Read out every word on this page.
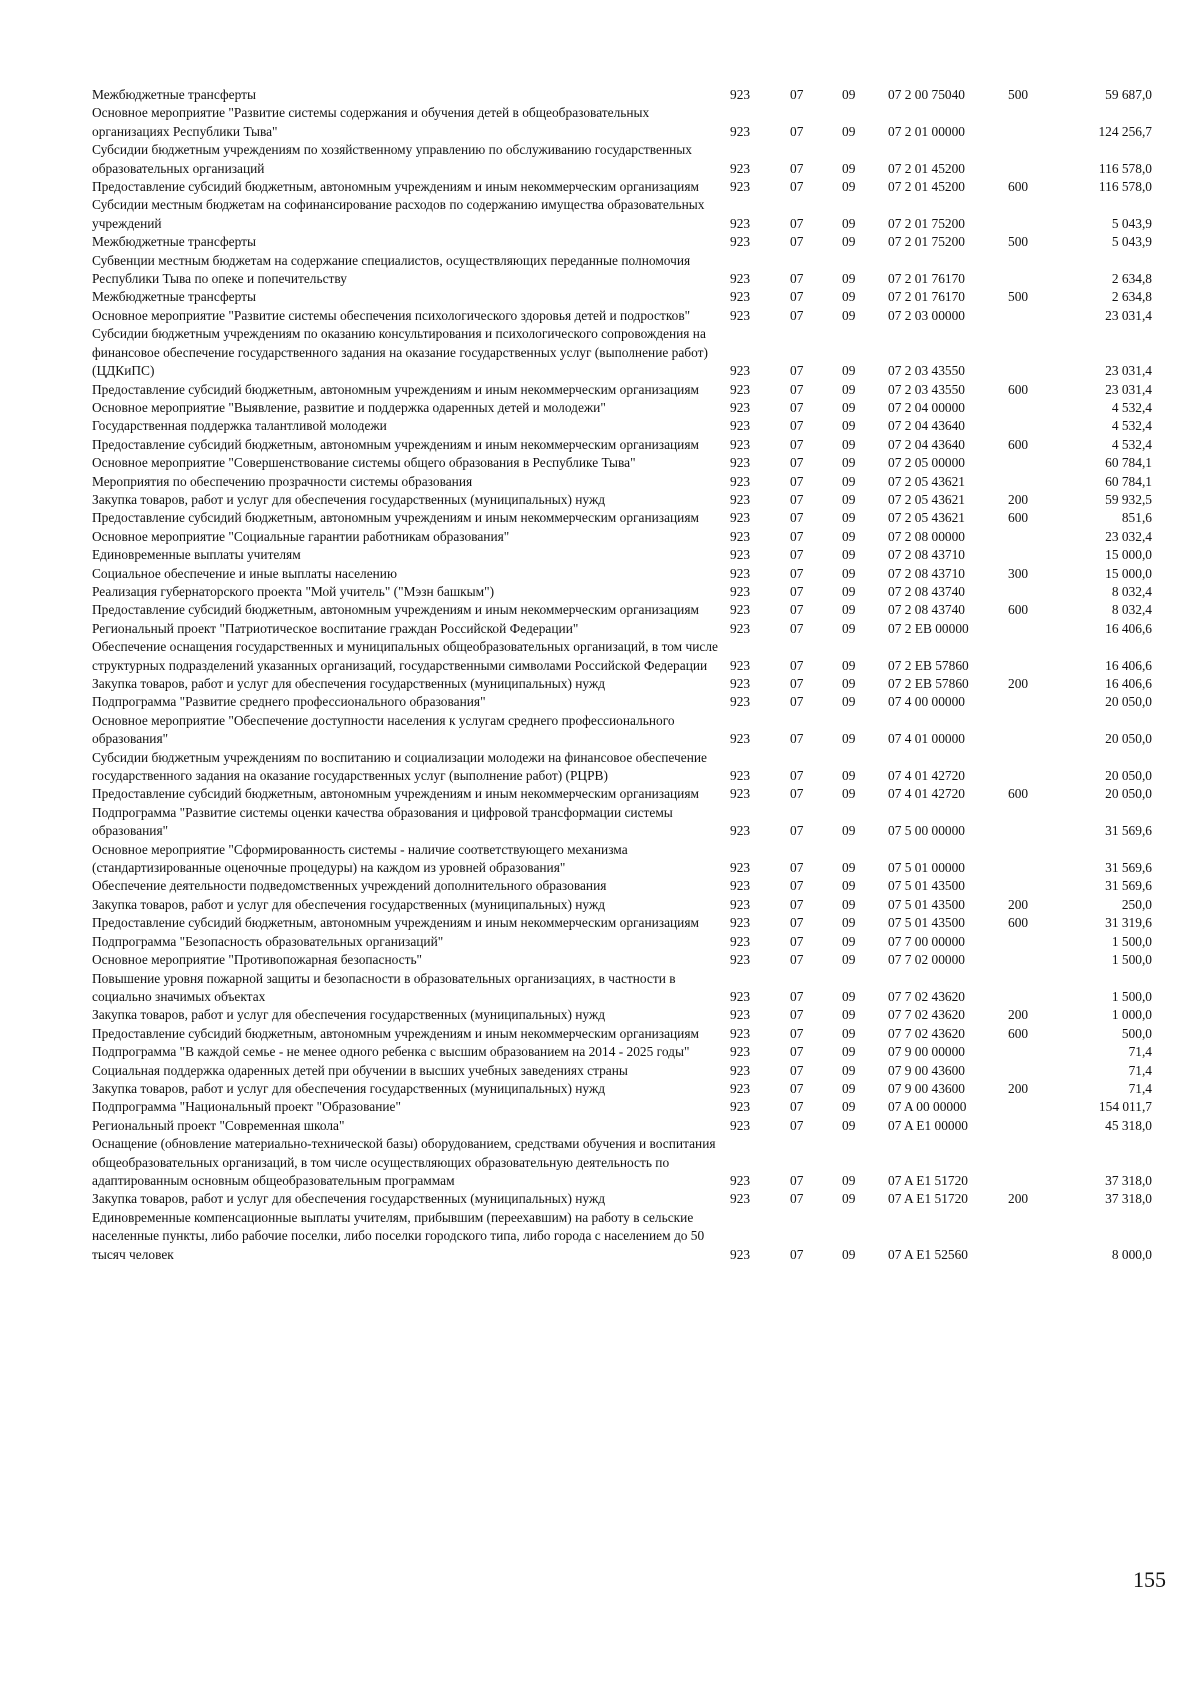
Межбюджетные трансферты	923	07	09	07 2 00 75040	500	59 687,0
Основное мероприятие "Развитие системы содержания и обучения детей в общеобразовательных организациях Республики Тыва"	923	07	09	07 2 01 00000		124 256,7
Субсидии бюджетным учреждениям по хозяйственному управлению по обслуживанию государственных образовательных организаций	923	07	09	07 2 01 45200		116 578,0
Предоставление субсидий бюджетным, автономным учреждениям и иным некоммерческим организациям	923	07	09	07 2 01 45200	600	116 578,0
Субсидии местным бюджетам на софинансирование расходов по содержанию имущества образовательных учреждений	923	07	09	07 2 01 75200		5 043,9
Межбюджетные трансферты	923	07	09	07 2 01 75200	500	5 043,9
Субвенции местным бюджетам на содержание специалистов, осуществляющих переданные полномочия Республики Тыва по опеке и попечительству	923	07	09	07 2 01 76170		2 634,8
Межбюджетные трансферты	923	07	09	07 2 01 76170	500	2 634,8
Основное мероприятие "Развитие системы обеспечения психологического здоровья детей и подростков"	923	07	09	07 2 03 00000		23 031,4
Субсидии бюджетным учреждениям по оказанию консультирования и психологического сопровождения на финансовое обеспечение государственного задания на оказание государственных услуг (выполнение работ) (ЦДКиПС)	923	07	09	07 2 03 43550		23 031,4
Предоставление субсидий бюджетным, автономным учреждениям и иным некоммерческим организациям	923	07	09	07 2 03 43550	600	23 031,4
Основное мероприятие "Выявление, развитие и поддержка одаренных детей и молодежи"	923	07	09	07 2 04 00000		4 532,4
Государственная поддержка талантливой молодежи	923	07	09	07 2 04 43640		4 532,4
Предоставление субсидий бюджетным, автономным учреждениям и иным некоммерческим организациям	923	07	09	07 2 04 43640	600	4 532,4
Основное мероприятие "Совершенствование системы общего образования в Республике Тыва"	923	07	09	07 2 05 00000		60 784,1
Мероприятия по обеспечению прозрачности системы образования	923	07	09	07 2 05 43621		60 784,1
Закупка товаров, работ и услуг для обеспечения государственных (муниципальных) нужд	923	07	09	07 2 05 43621	200	59 932,5
Предоставление субсидий бюджетным, автономным учреждениям и иным некоммерческим организациям	923	07	09	07 2 05 43621	600	851,6
Основное мероприятие "Социальные гарантии работникам образования"	923	07	09	07 2 08 00000		23 032,4
Единовременные выплаты учителям	923	07	09	07 2 08 43710		15 000,0
Социальное обеспечение и иные выплаты населению	923	07	09	07 2 08 43710	300	15 000,0
Реализация губернаторского проекта "Мой учитель" ("Мэзн башкым")	923	07	09	07 2 08 43740		8 032,4
Предоставление субсидий бюджетным, автономным учреждениям и иным некоммерческим организациям	923	07	09	07 2 08 43740	600	8 032,4
Региональный проект "Патриотическое воспитание граждан Российской Федерации"	923	07	09	07 2 EB 00000		16 406,6
Обеспечение оснащения государственных и муниципальных общеобразовательных организаций, в том числе структурных подразделений указанных организаций, государственными символами Российской Федерации	923	07	09	07 2 EB 57860		16 406,6
Закупка товаров, работ и услуг для обеспечения государственных (муниципальных) нужд	923	07	09	07 2 EB 57860	200	16 406,6
Подпрограмма "Развитие среднего профессионального образования"	923	07	09	07 4 00 00000		20 050,0
Основное мероприятие "Обеспечение доступности населения к услугам среднего профессионального образования"	923	07	09	07 4 01 00000		20 050,0
Субсидии бюджетным учреждениям по воспитанию и социализации молодежи на финансовое обеспечение государственного задания на оказание государственных услуг (выполнение работ) (РЦРВ)	923	07	09	07 4 01 42720		20 050,0
Предоставление субсидий бюджетным, автономным учреждениям и иным некоммерческим организациям	923	07	09	07 4 01 42720	600	20 050,0
Подпрограмма "Развитие системы оценки качества образования и цифровой трансформации системы образования"	923	07	09	07 5 00 00000		31 569,6
Основное мероприятие "Сформированность системы - наличие соответствующего механизма (стандартизированные оценочные процедуры) на каждом из уровней образования"	923	07	09	07 5 01 00000		31 569,6
Обеспечение деятельности подведомственных учреждений дополнительного образования	923	07	09	07 5 01 43500		31 569,6
Закупка товаров, работ и услуг для обеспечения государственных (муниципальных) нужд	923	07	09	07 5 01 43500	200	250,0
Предоставление субсидий бюджетным, автономным учреждениям и иным некоммерческим организациям	923	07	09	07 5 01 43500	600	31 319,6
Подпрограмма "Безопасность образовательных организаций"	923	07	09	07 7 00 00000		1 500,0
Основное мероприятие "Противопожарная безопасность"	923	07	09	07 7 02 00000		1 500,0
Повышение уровня пожарной защиты и безопасности в образовательных организациях, в частности в социально значимых объектах	923	07	09	07 7 02 43620		1 500,0
Закупка товаров, работ и услуг для обеспечения государственных (муниципальных) нужд	923	07	09	07 7 02 43620	200	1 000,0
Предоставление субсидий бюджетным, автономным учреждениям и иным некоммерческим организациям	923	07	09	07 7 02 43620	600	500,0
Подпрограмма "В каждой семье - не менее одного ребенка с высшим образованием на 2014 - 2025 годы"	923	07	09	07 9 00 00000		71,4
Социальная поддержка одаренных детей при обучении в высших учебных заведениях страны	923	07	09	07 9 00 43600		71,4
Закупка товаров, работ и услуг для обеспечения государственных (муниципальных) нужд	923	07	09	07 9 00 43600	200	71,4
Подпрограмма "Национальный проект "Образование"	923	07	09	07 A 00 00000		154 011,7
Региональный проект "Современная школа"	923	07	09	07 A E1 00000		45 318,0
Оснащение (обновление материально-технической базы) оборудованием, средствами обучения и воспитания общеобразовательных организаций, в том числе осуществляющих образовательную деятельность по адаптированным основным общеобразовательным программам	923	07	09	07 A E1 51720		37 318,0
Закупка товаров, работ и услуг для обеспечения государственных (муниципальных) нужд	923	07	09	07 A E1 51720	200	37 318,0
Единовременные компенсационные выплаты учителям, прибывшим (переехавшим) на работу в сельские населенные пункты, либо рабочие поселки, либо поселки городского типа, либо города с населением до 50 тысяч человек	923	07	09	07 A E1 52560		8 000,0
155
